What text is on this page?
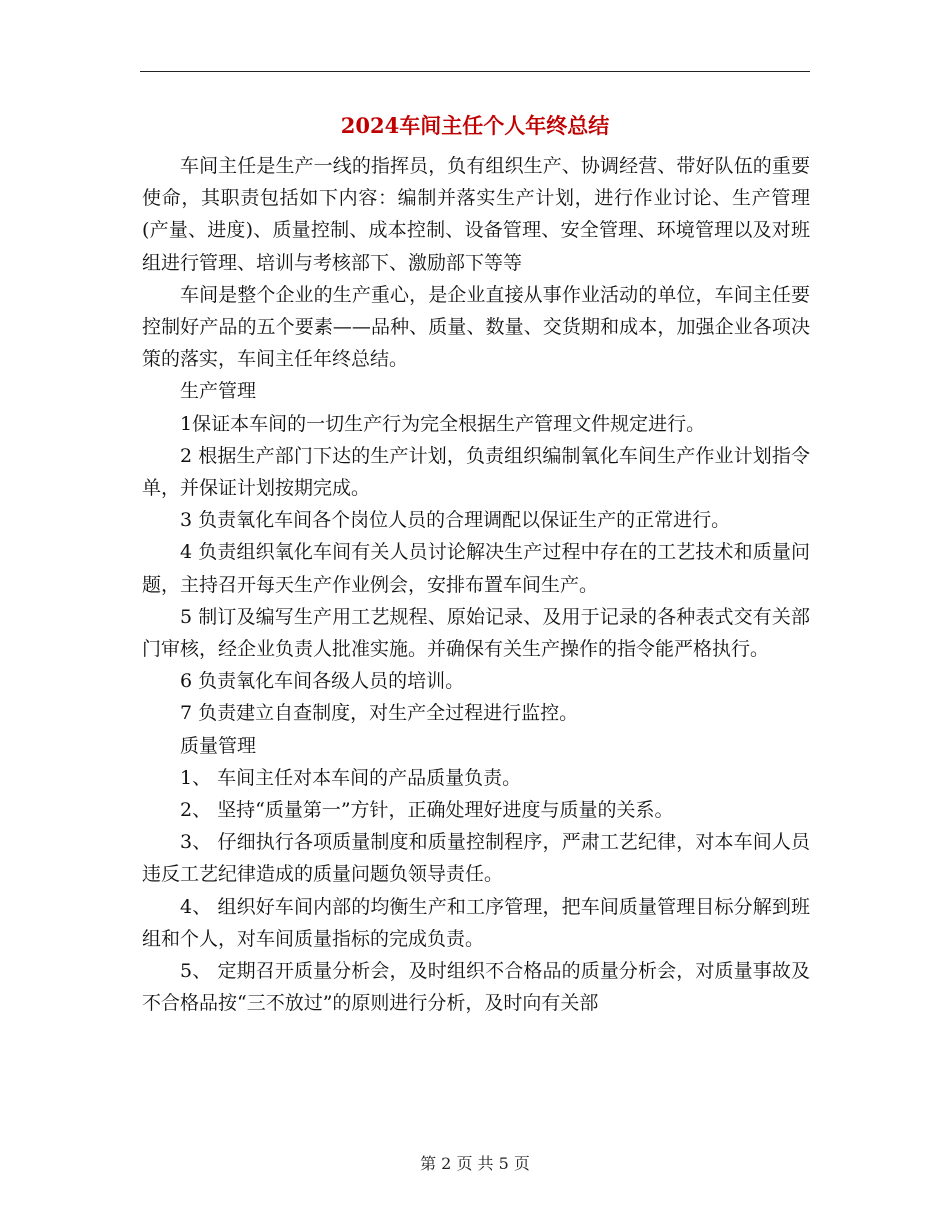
2024车间主任个人年终总结

车间主任是生产一线的指挥员，负有组织生产、协调经营、带好队伍的重要使命，其职责包括如下内容：编制并落实生产计划，进行作业讨论、生产管理(产量、进度)、质量控制、成本控制、设备管理、安全管理、环境管理以及对班组进行管理、培训与考核部下、激励部下等等

车间是整个企业的生产重心，是企业直接从事作业活动的单位，车间主任要控制好产品的五个要素——品种、质量、数量、交货期和成本，加强企业各项决策的落实，车间主任年终总结。

生产管理

1保证本车间的一切生产行为完全根据生产管理文件规定进行。

2 根据生产部门下达的生产计划，负责组织编制氧化车间生产作业计划指令单，并保证计划按期完成。

3 负责氧化车间各个岗位人员的合理调配以保证生产的正常进行。

4 负责组织氧化车间有关人员讨论解决生产过程中存在的工艺技术和质量问题，主持召开每天生产作业例会，安排布置车间生产。

5 制订及编写生产用工艺规程、原始记录、及用于记录的各种表式交有关部门审核，经企业负责人批准实施。并确保有关生产操作的指令能严格执行。

6 负责氧化车间各级人员的培训。

7 负责建立自查制度，对生产全过程进行监控。

质量管理

1、 车间主任对本车间的产品质量负责。

2、 坚持“质量第一”方针，正确处理好进度与质量的关系。

3、 仔细执行各项质量制度和质量控制程序，严肃工艺纪律，对本车间人员违反工艺纪律造成的质量问题负领导责任。

4、 组织好车间内部的均衡生产和工序管理，把车间质量管理目标分解到班组和个人，对车间质量指标的完成负责。

5、 定期召开质量分析会，及时组织不合格品的质量分析会，对质量事故及不合格品按“三不放过”的原则进行分析，及时向有关部

第 2 页 共 5 页
